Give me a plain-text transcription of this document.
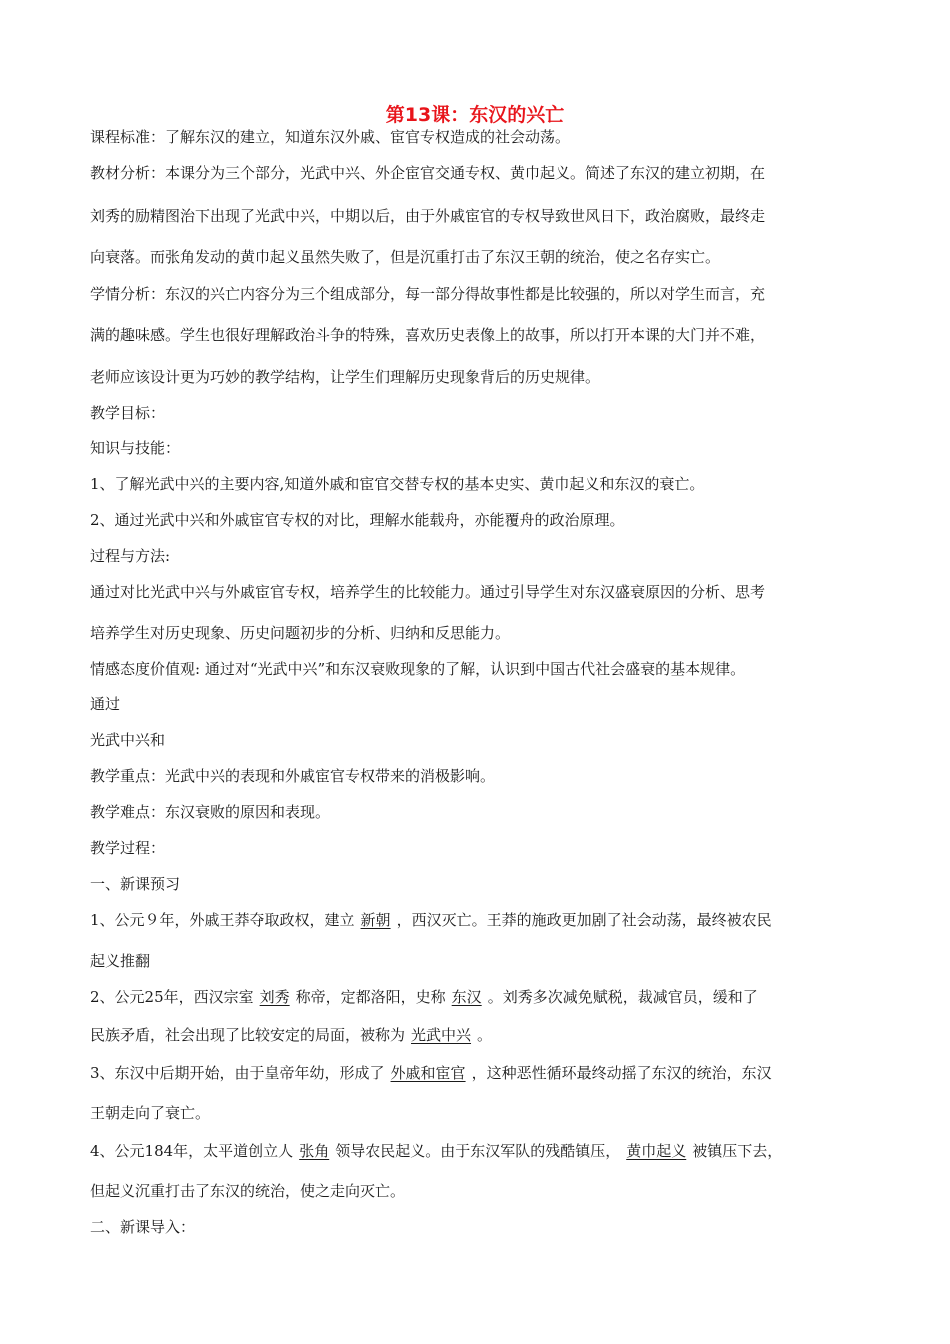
第13课：东汉的兴亡
课程标准：了解东汉的建立，知道东汉外戚、宦官专权造成的社会动荡。
教材分析：本课分为三个部分，光武中兴、外企宦官交通专权、黄巾起义。简述了东汉的建立初期，在
刘秀的励精图治下出现了光武中兴，中期以后，由于外戚宦官的专权导致世风日下，政治腐败，最终走
向衰落。而张角发动的黄巾起义虽然失败了，但是沉重打击了东汉王朝的统治，使之名存实亡。
学情分析：东汉的兴亡内容分为三个组成部分，每一部分得故事性都是比较强的，所以对学生而言，充
满的趣味感。学生也很好理解政治斗争的特殊，喜欢历史表像上的故事，所以打开本课的大门并不难，
老师应该设计更为巧妙的教学结构，让学生们理解历史现象背后的历史规律。
教学目标：
知识与技能：
1、了解光武中兴的主要内容,知道外戚和宦官交替专权的基本史实、黄巾起义和东汉的衰亡。
2、通过光武中兴和外戚宦官专权的对比，理解水能载舟，亦能覆舟的政治原理。
过程与方法:
通过对比光武中兴与外戚宦官专权，培养学生的比较能力。通过引导学生对东汉盛衰原因的分析、思考
培养学生对历史现象、历史问题初步的分析、归纳和反思能力。
情感态度价值观: 通过对“光武中兴”和东汉衰败现象的了解，认识到中国古代社会盛衰的基本规律。
通过
光武中兴和
教学重点：光武中兴的表现和外戚宦官专权带来的消极影响。
教学难点：东汉衰败的原因和表现。
教学过程：
一、新课预习
1、公元９年，外戚王莽夺取政权，建立 新朝 ，西汉灭亡。王莽的施政更加剧了社会动荡，最终被农民
起义推翻
2、公元25年，西汉宗室 刘秀 称帝，定都洛阳，史称 东汉 。刘秀多次减免赋税，裁减官员，缓和了
民族矛盾，社会出现了比较安定的局面，被称为 光武中兴 。
3、东汉中后期开始，由于皇帝年幼，形成了 外戚和宦官 ，这种恶性循环最终动摇了东汉的统治，东汉
王朝走向了衰亡。
4、公元184年，太平道创立人 张角 领导农民起义。由于东汉军队的残酷镇压， 黄巾起义 被镇压下去，
但起义沉重打击了东汉的统治，使之走向灭亡。
二、新课导入：
